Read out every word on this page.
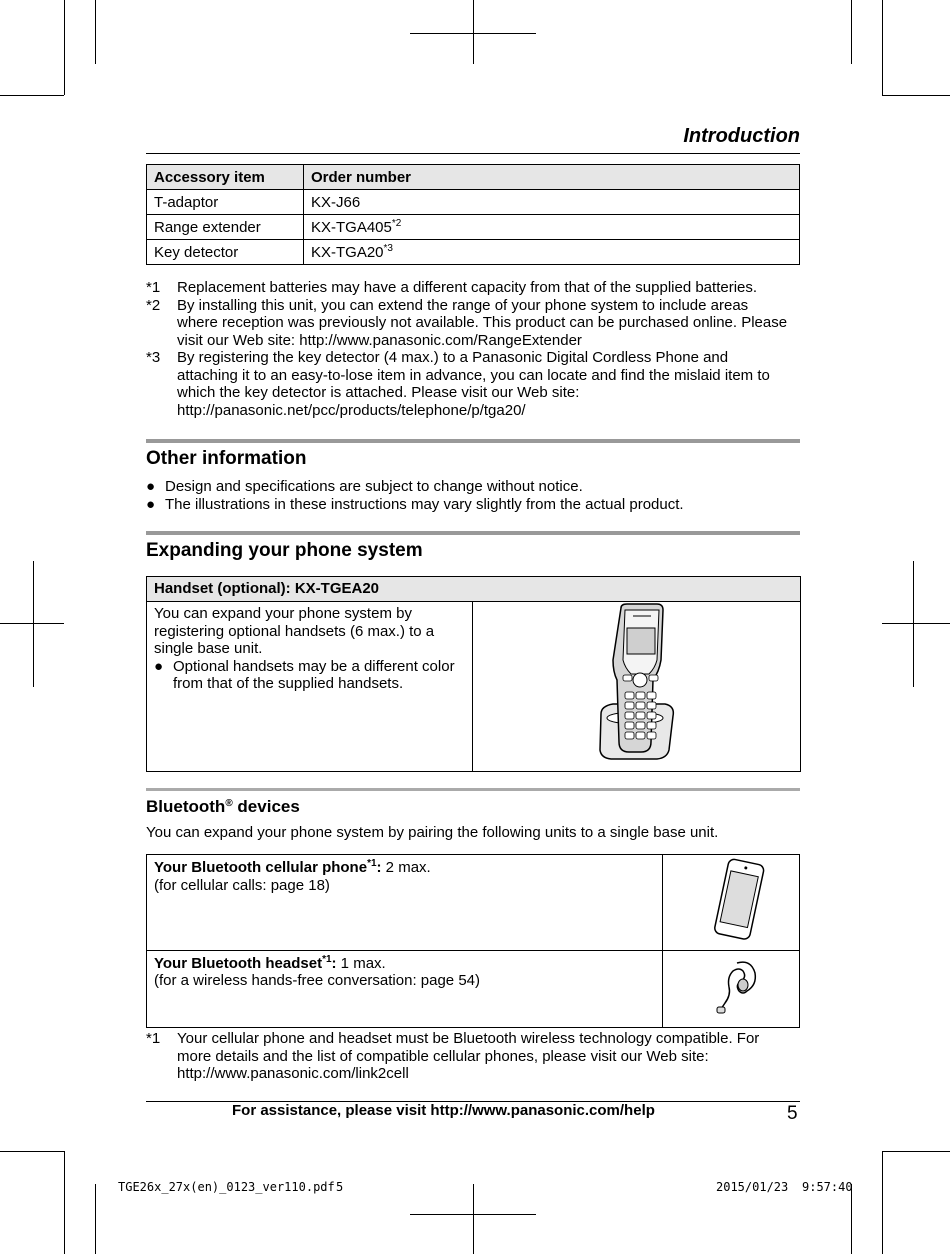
Introduction
Accessory item	Order number
T-adaptor	KX-J66
Range extender	KX-TGA405$^{*2}$
Key detector	KX-TGA20$^{*3}$
*1	Replacement batteries may have a different capacity from that of the supplied batteries.
*2	By installing this unit, you can extend the range of your phone system to include areas
where reception was previously not available. This product can be purchased online. Please
visit our Web site: http://www.panasonic.com/RangeExtender
*3	By registering the key detector (4 max.) to a Panasonic Digital Cordless Phone and
attaching it to an easy-to-lose item in advance, you can locate and find the mislaid item to
which the key detector is attached. Please visit our Web site:
http://panasonic.net/pcc/products/telephone/p/tga20/
Other information
● Design and specifications are subject to change without notice.
● The illustrations in these instructions may vary slightly from the actual product.
Expanding your phone system
Handset (optional): KX-TGEA20
You can expand your phone system by
registering optional handsets (6 max.) to a
single base unit.
● Optional handsets may be a different color
from that of the supplied handsets.
Bluetooth® devices
You can expand your phone system by pairing the following units to a single base unit.
Your Bluetooth cellular phone$^{*1}$: 2 max.
(for cellular calls: page 18)

Your Bluetooth headset$^{*1}$: 1 max.
(for a wireless hands-free conversation: page 54)

*1	Your cellular phone and headset must be Bluetooth wireless technology compatible. For
more details and the list of compatible cellular phones, please visit our Web site:
http://www.panasonic.com/link2cell
For assistance, please visit http://www.panasonic.com/help	5
TGE26x_27x(en)_0123_ver110.pdf 5	2015/01/23 9:57:40
